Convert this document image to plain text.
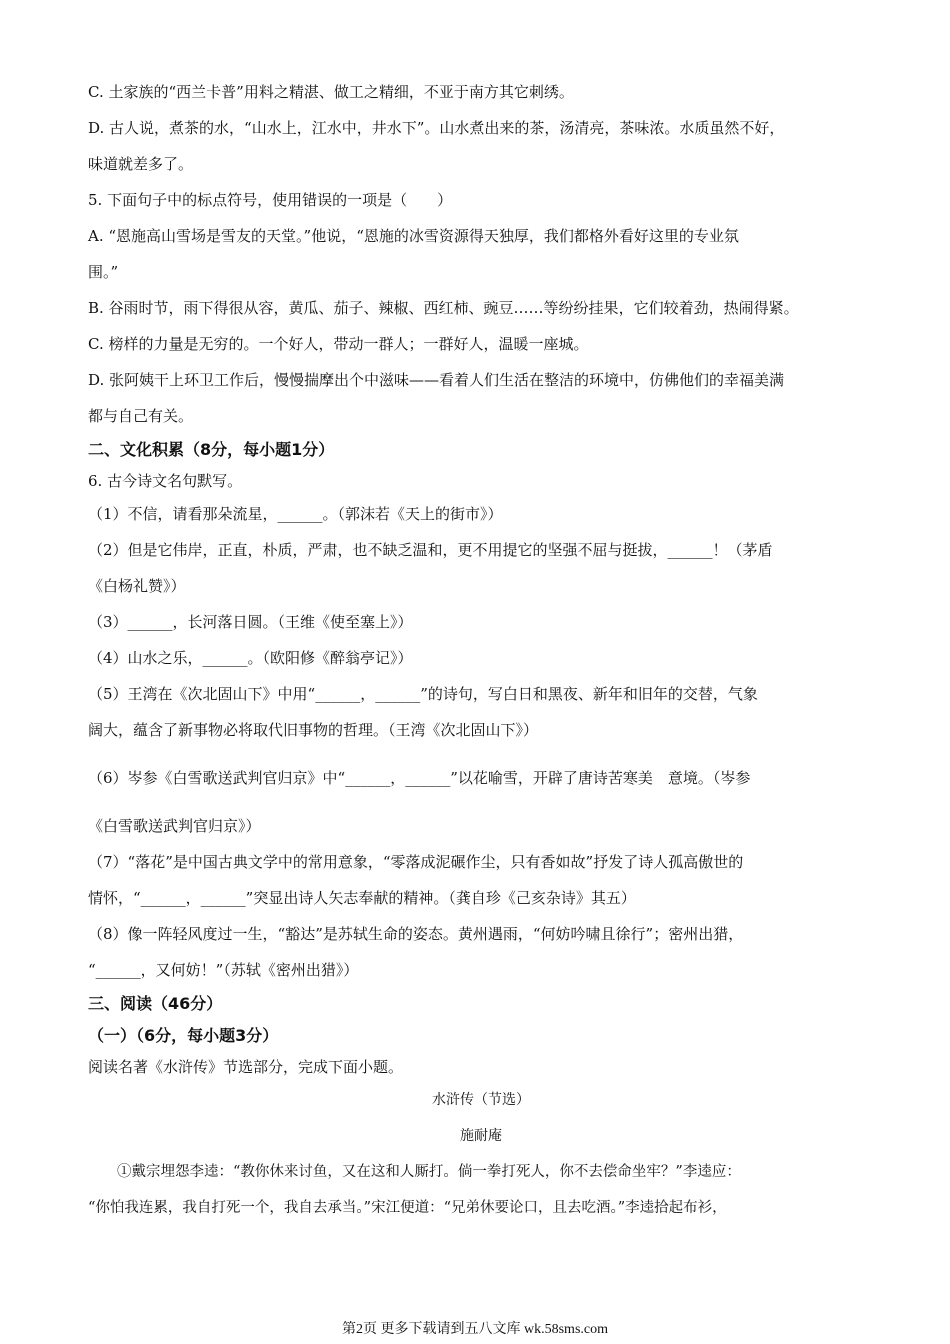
C. 土家族的“西兰卡普”用料之精湛、做工之精细，不亚于南方其它刺绣。

D. 古人说，煮茶的水，“山水上，江水中，井水下”。山水煮出来的茶，汤清亮，茶味浓。水质虽然不好，

味道就差多了。

5. 下面句子中的标点符号，使用错误的一项是（　　）

A. “恩施高山雪场是雪友的天堂。”他说，“恩施的冰雪资源得天独厚，我们都格外看好这里的专业氛

围。”

B. 谷雨时节，雨下得很从容，黄瓜、茄子、辣椒、西红柿、豌豆……等纷纷挂果，它们较着劲，热闹得紧。

C. 榜样的力量是无穷的。一个好人，带动一群人；一群好人，温暖一座城。

D. 张阿姨干上环卫工作后，慢慢揣摩出个中滋味——看着人们生活在整洁的环境中，仿佛他们的幸福美满

都与自己有关。

二、文化积累（8分，每小题1分）

6. 古今诗文名句默写。

（1）不信，请看那朵流星，______。（郭沫若《天上的街市》）

（2）但是它伟岸，正直，朴质，严肃，也不缺乏温和，更不用提它的坚强不屈与挺拔，______！（茅盾

《白杨礼赞》）

（3）______，长河落日圆。（王维《使至塞上》）

（4）山水之乐，______。（欧阳修《醉翁亭记》）

（5）王湾在《次北固山下》中用“______，______”的诗句，写白日和黑夜、新年和旧年的交替，气象

阔大，蕴含了新事物必将取代旧事物的哲理。（王湾《次北固山下》）

（6）岑参《白雪歌送武判官归京》中“______，______”以花喻雪，开辟了唐诗苦寒美　意境。（岑参

《白雪歌送武判官归京》）

（7）“落花”是中国古典文学中的常用意象，“零落成泥碾作尘，只有香如故”抒发了诗人孤高傲世的

情怀，“______，______”突显出诗人矢志奉献的精神。（龚自珍《己亥杂诗》其五）

（8）像一阵轻风度过一生，“豁达”是苏轼生命的姿态。黄州遇雨，“何妨吟啸且徐行”；密州出猎，

“______，又何妨！”（苏轼《密州出猎》）

三、阅读（46分）

（一）（6分，每小题3分）

阅读名著《水浒传》节选部分，完成下面小题。

水浒传（节选）

施耐庵

①戴宗埋怨李逵：“教你休来讨鱼，又在这和人厮打。倘一拳打死人，你不去偿命坐牢？”李逵应：

“你怕我连累，我自打死一个，我自去承当。”宋江便道：“兄弟休要论口，且去吃酒。”李逵拾起布衫，

第2页 更多下载请到五八文库 wk.58sms.com
